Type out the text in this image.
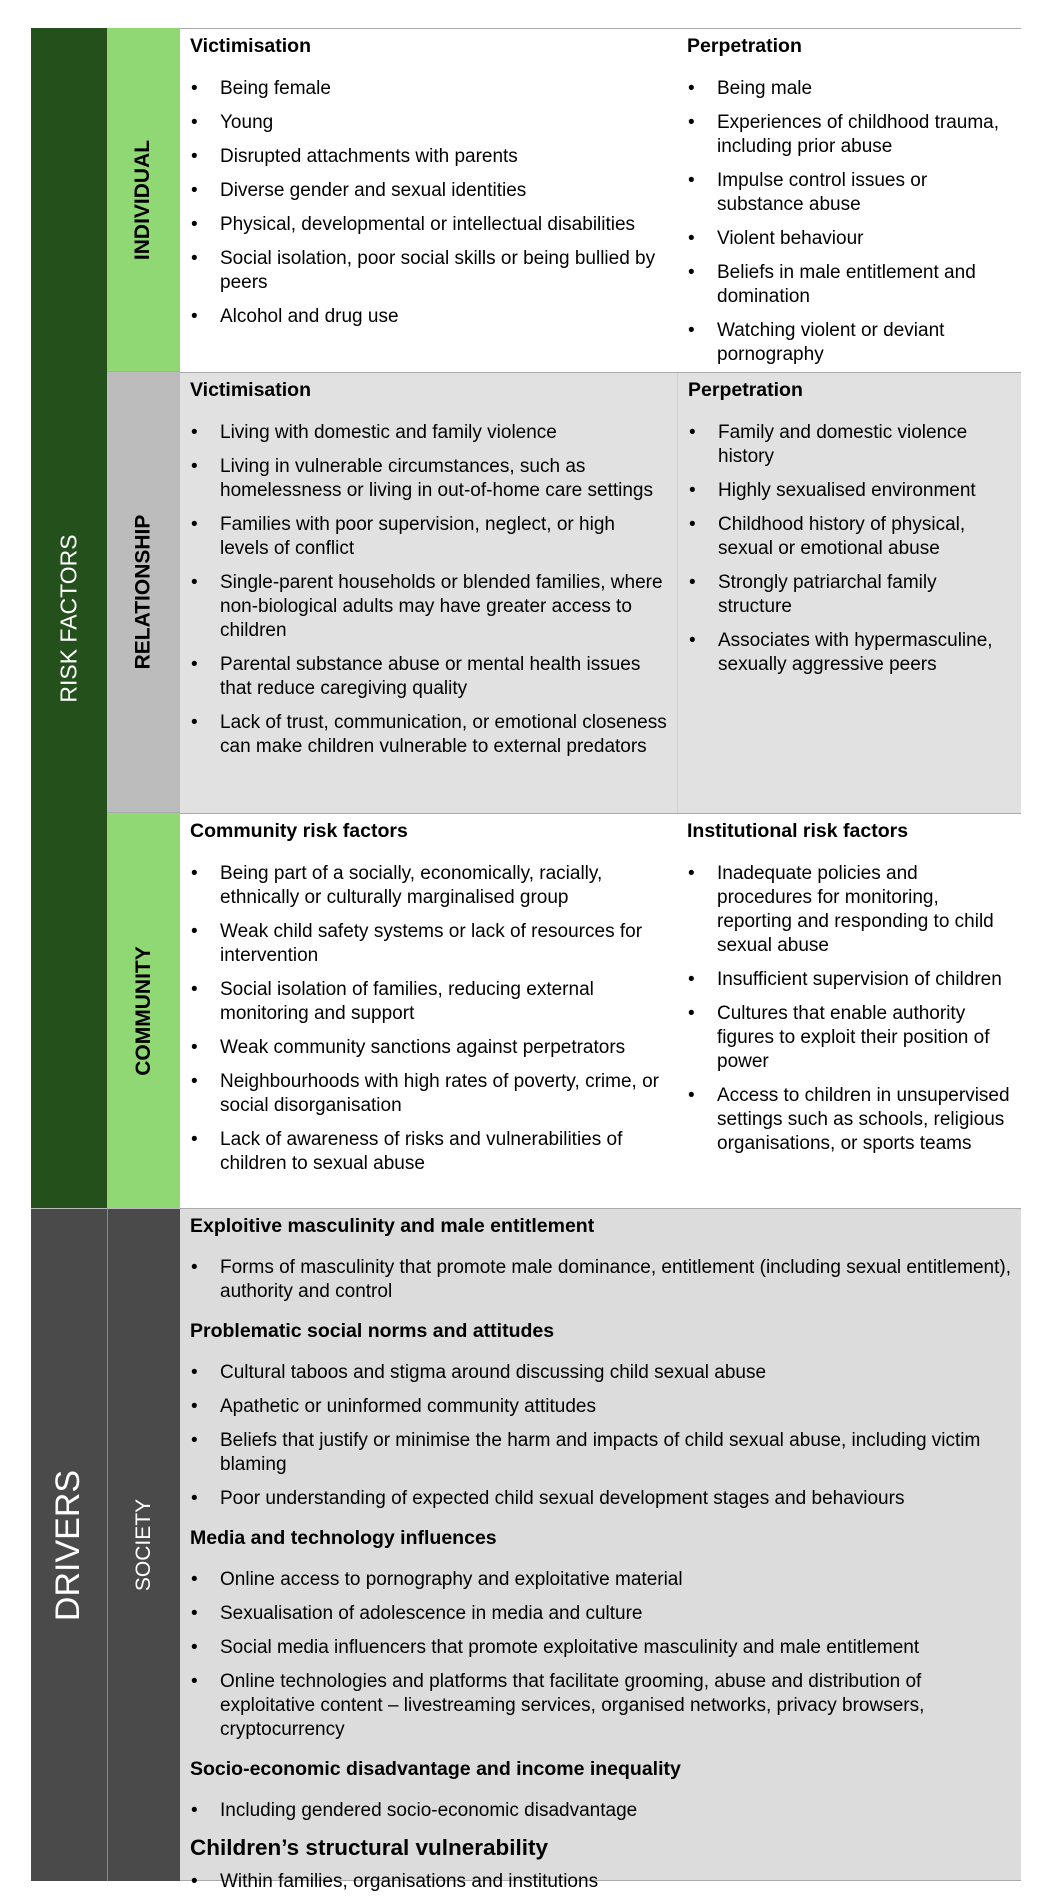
RISK FACTORS
DRIVERS
INDIVIDUAL
RELATIONSHIP
COMMUNITY
SOCIETY
Victimisation
• Being female
• Young
• Disrupted attachments with parents
• Diverse gender and sexual identities
• Physical, developmental or intellectual disabilities
• Social isolation, poor social skills or being bullied by peers
• Alcohol and drug use
Perpetration
• Being male
• Experiences of childhood trauma, including prior abuse
• Impulse control issues or substance abuse
• Violent behaviour
• Beliefs in male entitlement and domination
• Watching violent or deviant pornography
Victimisation
• Living with domestic and family violence
• Living in vulnerable circumstances, such as homelessness or living in out-of-home care settings
• Families with poor supervision, neglect, or high levels of conflict
• Single-parent households or blended families, where non-biological adults may have greater access to children
• Parental substance abuse or mental health issues that reduce caregiving quality
• Lack of trust, communication, or emotional closeness can make children vulnerable to external predators
Perpetration
• Family and domestic violence history
• Highly sexualised environment
• Childhood history of physical, sexual or emotional abuse
• Strongly patriarchal family structure
• Associates with hypermasculine, sexually aggressive peers
Community risk factors
• Being part of a socially, economically, racially, ethnically or culturally marginalised group
• Weak child safety systems or lack of resources for intervention
• Social isolation of families, reducing external monitoring and support
• Weak community sanctions against perpetrators
• Neighbourhoods with high rates of poverty, crime, or social disorganisation
• Lack of awareness of risks and vulnerabilities of children to sexual abuse
Institutional risk factors
• Inadequate policies and procedures for monitoring, reporting and responding to child sexual abuse
• Insufficient supervision of children
• Cultures that enable authority figures to exploit their position of power
• Access to children in unsupervised settings such as schools, religious organisations, or sports teams
Exploitive masculinity and male entitlement
• Forms of masculinity that promote male dominance, entitlement (including sexual entitlement), authority and control
Problematic social norms and attitudes
• Cultural taboos and stigma around discussing child sexual abuse
• Apathetic or uninformed community attitudes
• Beliefs that justify or minimise the harm and impacts of child sexual abuse, including victim blaming
• Poor understanding of expected child sexual development stages and behaviours
Media and technology influences
• Online access to pornography and exploitative material
• Sexualisation of adolescence in media and culture
• Social media influencers that promote exploitative masculinity and male entitlement
• Online technologies and platforms that facilitate grooming, abuse and distribution of exploitative content – livestreaming services, organised networks, privacy browsers, cryptocurrency
Socio-economic disadvantage and income inequality
• Including gendered socio-economic disadvantage
Children’s structural vulnerability
• Within families, organisations and institutions
